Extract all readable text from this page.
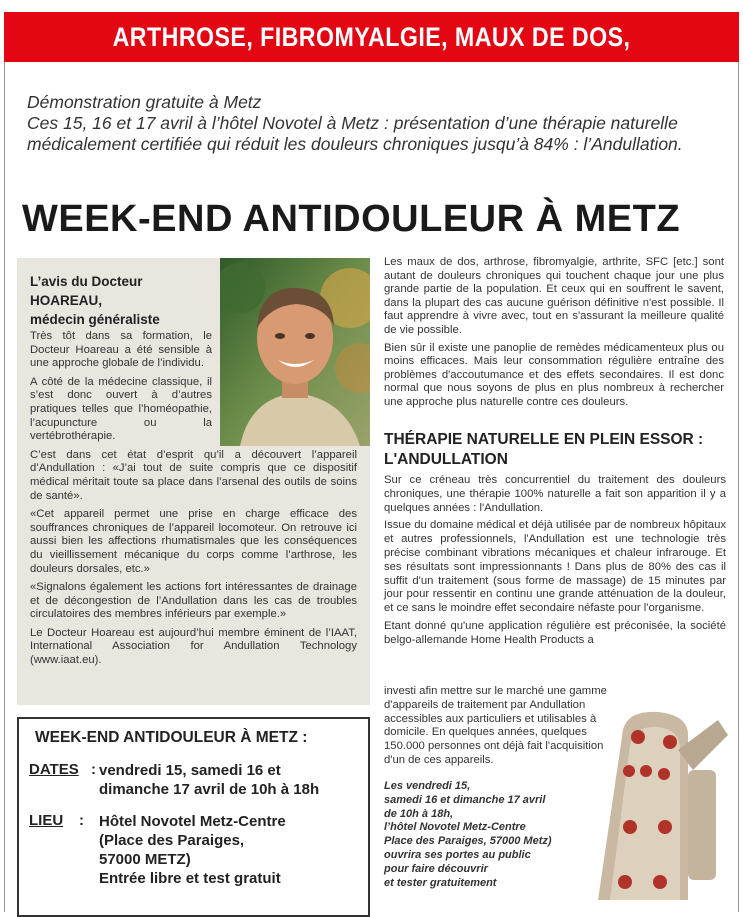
ARTHROSE, FIBROMYALGIE, MAUX DE DOS, RHUMATISME

Démonstration gratuite à Metz

Ces 15, 16 et 17 avril à l’hôtel Novotel à Metz : présentation d’une thérapie naturelle médicalement certifiée qui réduit les douleurs chroniques jusqu’à 84% : l’Andullation.

WEEK-END ANTIDOULEUR À METZ
L’avis du Docteur HOAREAU,
médecin généraliste

Très tôt dans sa formation, le Docteur Hoareau a été sensible à une approche globale de l’individu.

A côté de la médecine classique, il s’est donc ouvert à d’autres pratiques telles que l’homéopathie, l’acupuncture ou la vertébrothérapie.

C’est dans cet état d’esprit qu’il a découvert l’appareil d’Andullation : «J’ai tout de suite compris que ce dispositif médical méritait toute sa place dans l’arsenal des outils de soins de santé».

«Cet appareil permet une prise en charge efficace des souffrances chroniques de l’appareil locomoteur. On retrouve ici aussi bien les affections rhumatismales que les conséquences du vieillissement mécanique du corps comme l’arthrose, les douleurs dorsales, etc.»

«Signalons également les actions fort intéressantes de drainage et de décongestion de l’Andullation dans les cas de troubles circulatoires des membres inférieurs par exemple.»

Le Docteur Hoareau est aujourd’hui membre éminent de l’IAAT, International Association for Andullation Technology (www.iaat.eu).

Les maux de dos, arthrose, fibromyalgie, arthrite, SFC [etc.] sont autant de douleurs chroniques qui touchent chaque jour une plus grande partie de la population. Et ceux qui en souffrent le savent, dans la plupart des cas aucune guérison définitive n'est possible. Il faut apprendre à vivre avec, tout en s'assurant la meilleure qualité de vie possible.

Bien sûr il existe une panoplie de remèdes médicamenteux plus ou moins efficaces. Mais leur consommation régulière entraîne des problèmes d'accoutumance et des effets secondaires. Il est donc normal que nous soyons de plus en plus nombreux à rechercher une approche plus naturelle contre ces douleurs.

THÉRAPIE NATURELLE EN PLEIN ESSOR :
L'ANDULLATION

Sur ce créneau très concurrentiel du traitement des douleurs chroniques, une thérapie 100% naturelle a fait son apparition il y a quelques années : l'Andullation.

Issue du domaine médical et déjà utilisée par de nombreux hôpitaux et autres professionnels, l'Andullation est une technologie très précise combinant vibrations mécaniques et chaleur infrarouge. Et ses résultats sont impressionnants ! Dans plus de 80% des cas il suffit d'un traitement (sous forme de massage) de 15 minutes par jour pour ressentir en continu une grande atténuation de la douleur, et ce sans le moindre effet secondaire néfaste pour l'organisme.

Etant donné qu'une application régulière est préconisée, la société belgo-allemande Home Health Products a

investi afin mettre sur le marché une gamme d'appareils de traitement par Andullation accessibles aux particuliers et utilisables à domicile. En quelques années, quelques 150.000 personnes ont déjà fait l'acquisition d'un de ces appareils.

Les vendredi 15,
samedi 16 et dimanche 17 avril
de 10h à 18h,
l’hôtel Novotel Metz-Centre
Place des Paraiges, 57000 Metz)
ouvrira ses portes au public
pour faire découvrir
et tester gratuitement
WEEK-END ANTIDOULEUR À METZ :
DATES : vendredi 15, samedi 16 et
dimanche 17 avril de 10h à 18h
LIEU : Hôtel Novotel Metz-Centre
(Place des Paraiges,
57000 METZ)
Entrée libre et test gratuit
